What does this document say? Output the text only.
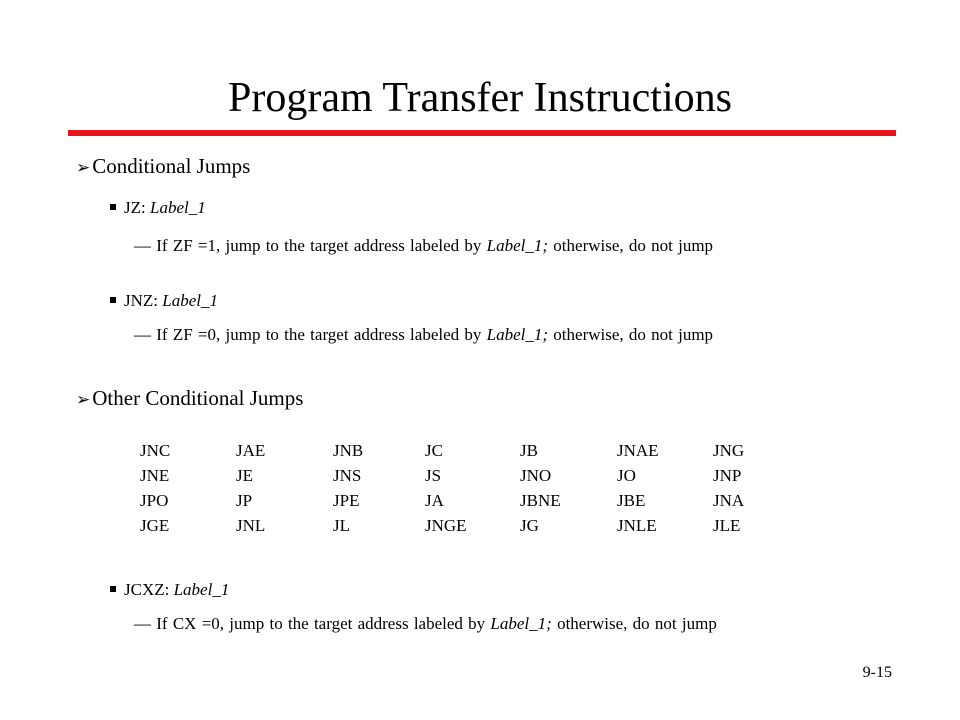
Program Transfer Instructions
➢Conditional Jumps
JZ: Label_1
— If ZF =1, jump to the target address labeled by Label_1; otherwise, do not jump
JNZ: Label_1
— If ZF =0, jump to the target address labeled by Label_1; otherwise, do not jump
➢Other Conditional Jumps
JNC	JAE	JNB	JC	JB	JNAE	JNG
JNE	JE	JNS	JS	JNO	JO	JNP
JPO	JP	JPE	JA	JBNE	JBE	JNA
JGE	JNL	JL	JNGE	JG	JNLE	JLE
JCXZ: Label_1
— If CX =0, jump to the target address labeled by Label_1; otherwise, do not jump
9-15
